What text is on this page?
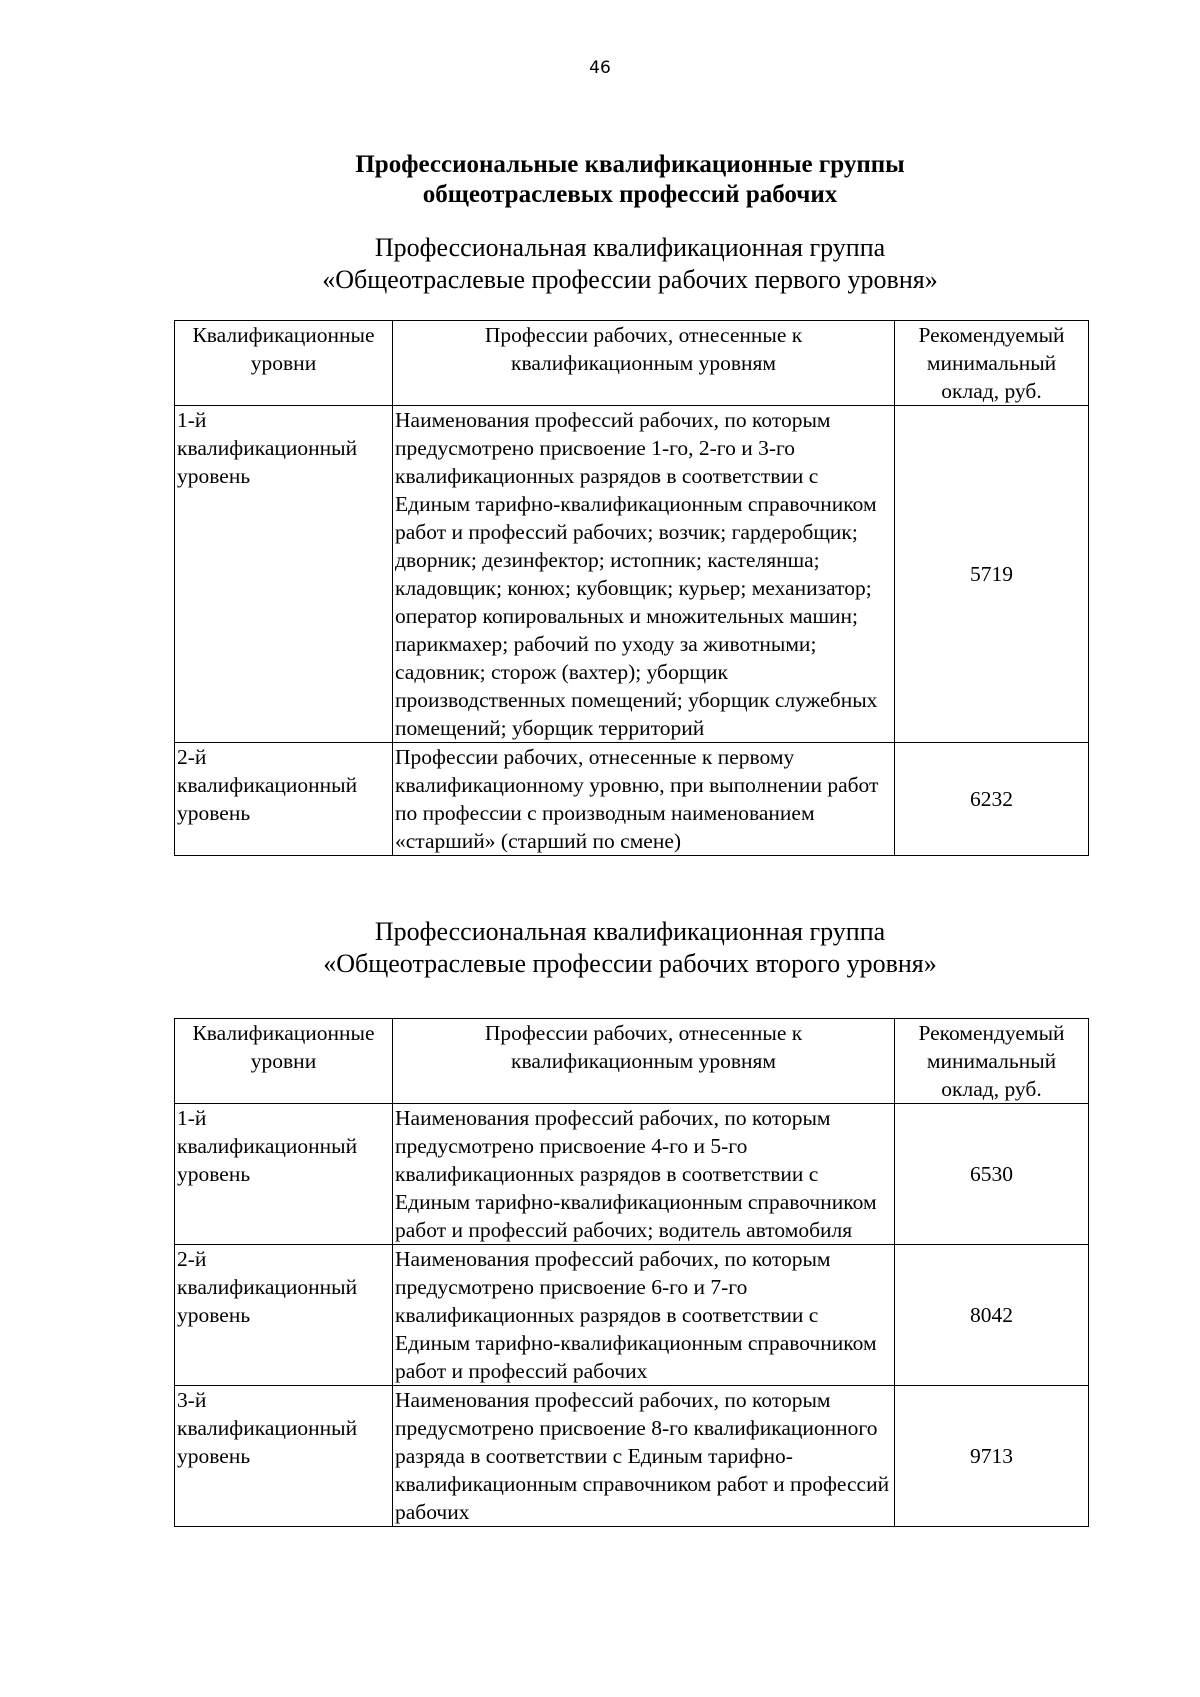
46
Профессиональные квалификационные группы
общеотраслевых профессий рабочих
Профессиональная квалификационная группа
«Общеотраслевые профессии рабочих первого уровня»
Квалификационные уровни	Профессии рабочих, отнесенные к квалификационным уровням	Рекомендуемый минимальный оклад, руб.
1-й квалификационный уровень	Наименования профессий рабочих, по которым предусмотрено присвоение 1-го, 2-го и 3-го квалификационных разрядов в соответствии с Единым тарифно-квалификационным справочником работ и профессий рабочих; возчик; гардеробщик; дворник; дезинфектор; истопник; кастелянша; кладовщик; конюх; кубовщик; курьер; механизатор; оператор копировальных и множительных машин; парикмахер; рабочий по уходу за животными; садовник; сторож (вахтер); уборщик производственных помещений; уборщик служебных помещений; уборщик территорий	5719
2-й квалификационный уровень	Профессии рабочих, отнесенные к первому квалификационному уровню, при выполнении работ по профессии с производным наименованием «старший» (старший по смене)	6232
Профессиональная квалификационная группа
«Общеотраслевые профессии рабочих второго уровня»
Квалификационные уровни	Профессии рабочих, отнесенные к квалификационным уровням	Рекомендуемый минимальный оклад, руб.
1-й квалификационный уровень	Наименования профессий рабочих, по которым предусмотрено присвоение 4-го и 5-го квалификационных разрядов в соответствии с Единым тарифно-квалификационным справочником работ и профессий рабочих; водитель автомобиля	6530
2-й квалификационный уровень	Наименования профессий рабочих, по которым предусмотрено присвоение 6-го и 7-го квалификационных разрядов в соответствии с Единым тарифно-квалификационным справочником работ и профессий рабочих	8042
3-й квалификационный уровень	Наименования профессий рабочих, по которым предусмотрено присвоение 8-го квалификационного разряда в соответствии с Единым тарифно-квалификационным справочником работ и профессий рабочих	9713
